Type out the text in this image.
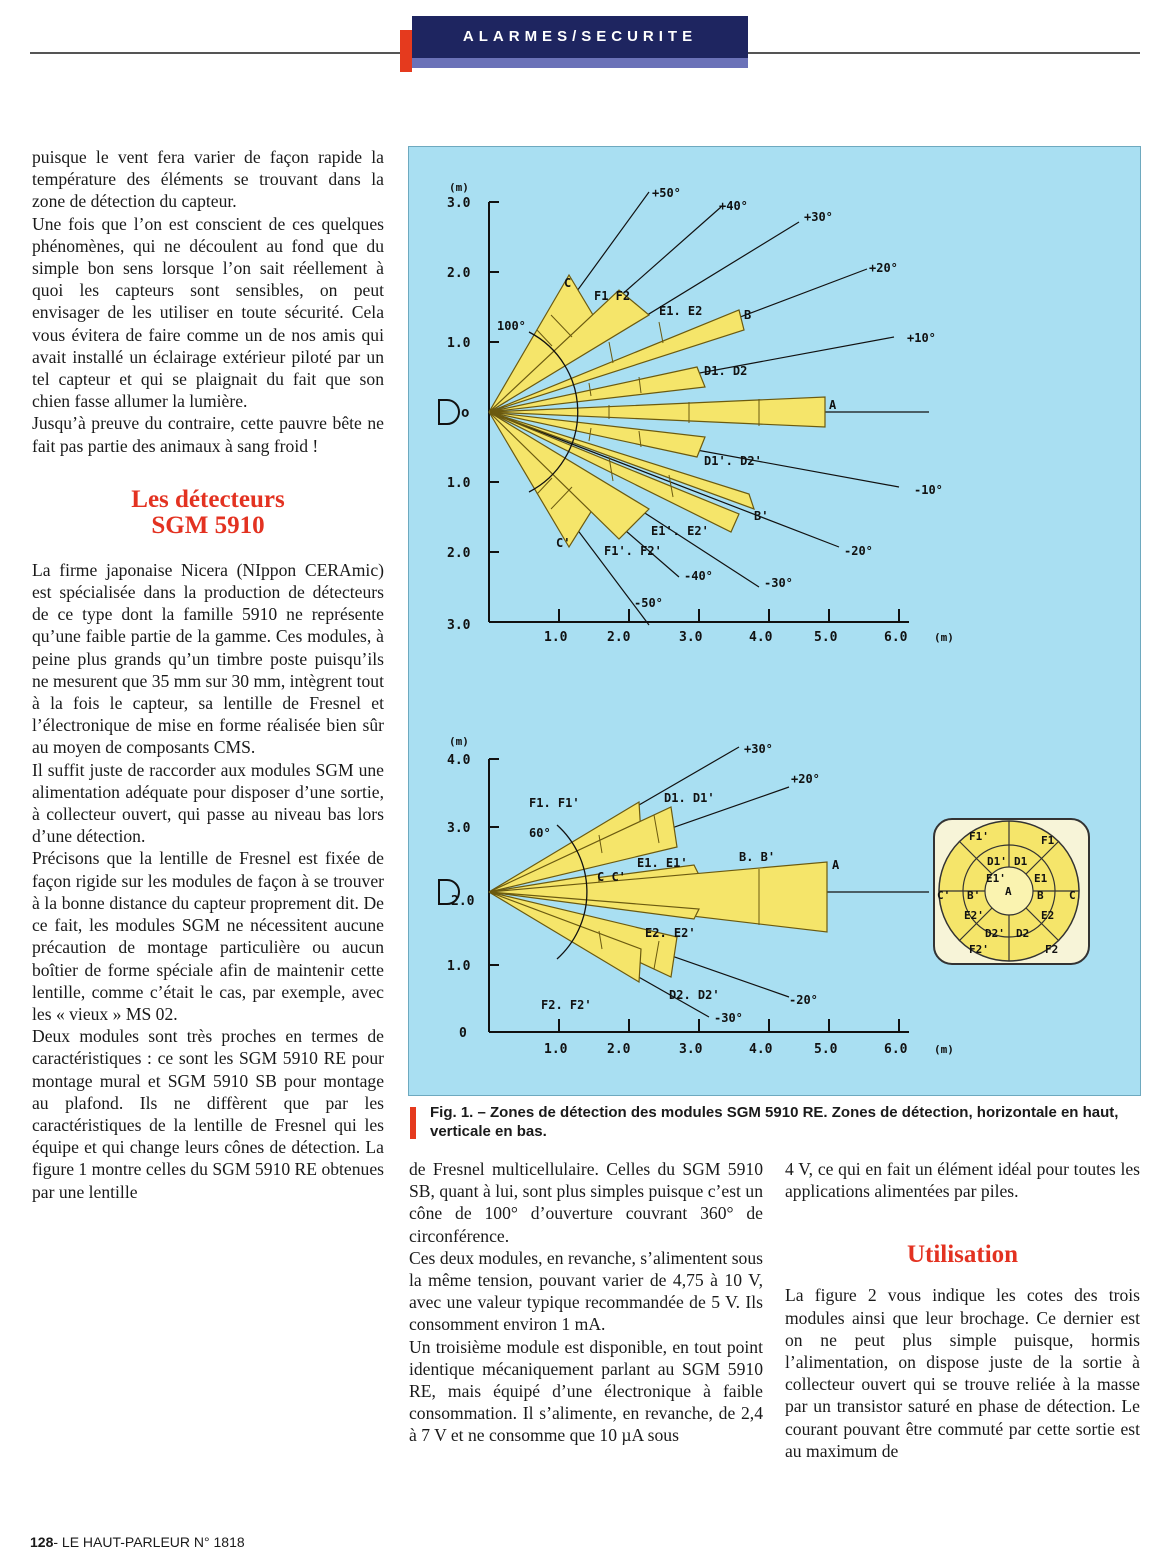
ALARMES/SECURITE

puisque le vent fera varier de façon rapide la température des éléments se trouvant dans la zone de détection du capteur.

Une fois que l’on est conscient de ces quelques phénomènes, qui ne découlent au fond que du simple bon sens lorsque l’on sait réellement à quoi les capteurs sont sensibles, on peut envisager de les utiliser en toute sécurité. Cela vous évitera de faire comme un de nos amis qui avait installé un éclairage extérieur piloté par un tel capteur et qui se plaignait du fait que son chien fasse allumer la lumière.

Jusqu’à preuve du contraire, cette pauvre bête ne fait pas partie des animaux à sang froid !

Les détecteurs
SGM 5910

La firme japonaise Nicera (NIppon CERAmic) est spécialisée dans la production de détecteurs de ce type dont la famille 5910 ne représente qu’une faible partie de la gamme. Ces modules, à peine plus grands qu’un timbre poste puisqu’ils ne mesurent que 35 mm sur 30 mm, intègrent tout à la fois le capteur, sa lentille de Fresnel et l’électronique de mise en forme réalisée bien sûr au moyen de composants CMS.

Il suffit juste de raccorder aux modules SGM une alimentation adéquate pour disposer d’une sortie, à collecteur ouvert, qui passe au niveau bas lors d’une détection.

Précisons que la lentille de Fresnel est fixée de façon rigide sur les modules de façon à se trouver à la bonne distance du capteur proprement dit. De ce fait, les modules SGM ne nécessitent aucune précaution de montage particulière ou aucun boîtier de forme spéciale afin de maintenir cette lentille, comme c’était le cas, par exemple, avec les « vieux » MS 02.

Deux modules sont très proches en termes de caractéristiques : ce sont les SGM 5910 RE pour montage mural et SGM 5910 SB pour montage au plafond. Ils ne diffèrent que par les caractéristiques de la lentille de Fresnel qui les équipe et qui change leurs cônes de détection. La figure 1 montre celles du SGM 5910 RE obtenues par une lentille

(m)
3.0
2.0
1.0
1.0
2.0
3.0
1.0	2.0	3.0	4.0	5.0	6.0 (m)
o
100°
+50°
+40°
+30°
+20°
+10°
-10°
-20°
-30°
-40°
-50°
A
B
B'
C
C'
D1. D2
D1'. D2'
E1. E2
E1'. E2'
F1 F2
F1'. F2'
(m)
4.0
3.0
2.0
1.0
0
1.0	2.0	3.0	4.0	5.0	6.0 (m)
60°
+30°
+20°
-20°
-30°
A
B. B'
C C'
D1. D1'
D2. D2'
E1. E1'
E2. E2'
F1. F1'
F2. F2'
F1'	F1
D1' D1
E1'	E1
C'	C
B'	B
A
E2'	E2
D2' D2
F2'	F2
Fig. 1. – Zones de détection des modules SGM 5910 RE. Zones de détection, horizontale en haut, verticale en bas.

de Fresnel multicellulaire. Celles du SGM 5910 SB, quant à lui, sont plus simples puisque c’est un cône de 100° d’ouverture couvrant 360° de circonférence.

Ces deux modules, en revanche, s’alimentent sous la même tension, pouvant varier de 4,75 à 10 V, avec une valeur typique recommandée de 5 V. Ils consomment environ 1 mA.

Un troisième module est disponible, en tout point identique mécaniquement parlant au SGM 5910 RE, mais équipé d’une électronique à faible consommation. Il s’alimente, en revanche, de 2,4 à 7 V et ne consomme que 10 µA sous

4 V, ce qui en fait un élément idéal pour toutes les applications alimentées par piles.

Utilisation

La figure 2 vous indique les cotes des trois modules ainsi que leur brochage. Ce dernier est on ne peut plus simple puisque, hormis l’alimentation, on dispose juste de la sortie à collecteur ouvert qui se trouve reliée à la masse par un transistor saturé en phase de détection. Le courant pouvant être commuté par cette sortie est au maximum de

128- LE HAUT-PARLEUR N° 1818
